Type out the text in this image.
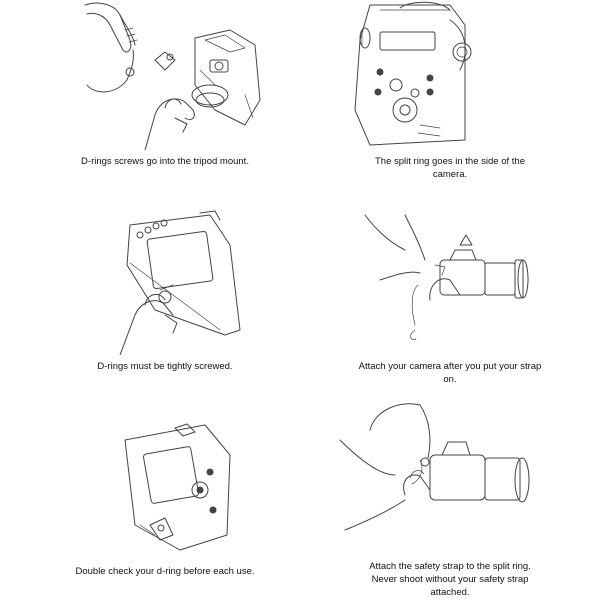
D-rings screws go into the tripod mount.	The split ring goes in the side of the
camera.
D-rings must be tightly screwed.	Attach your camera after you put your strap
on.
Double check your d-ring before each use.	Attach the safety strap to the split ring.
Never shoot without your safety strap
attached.
